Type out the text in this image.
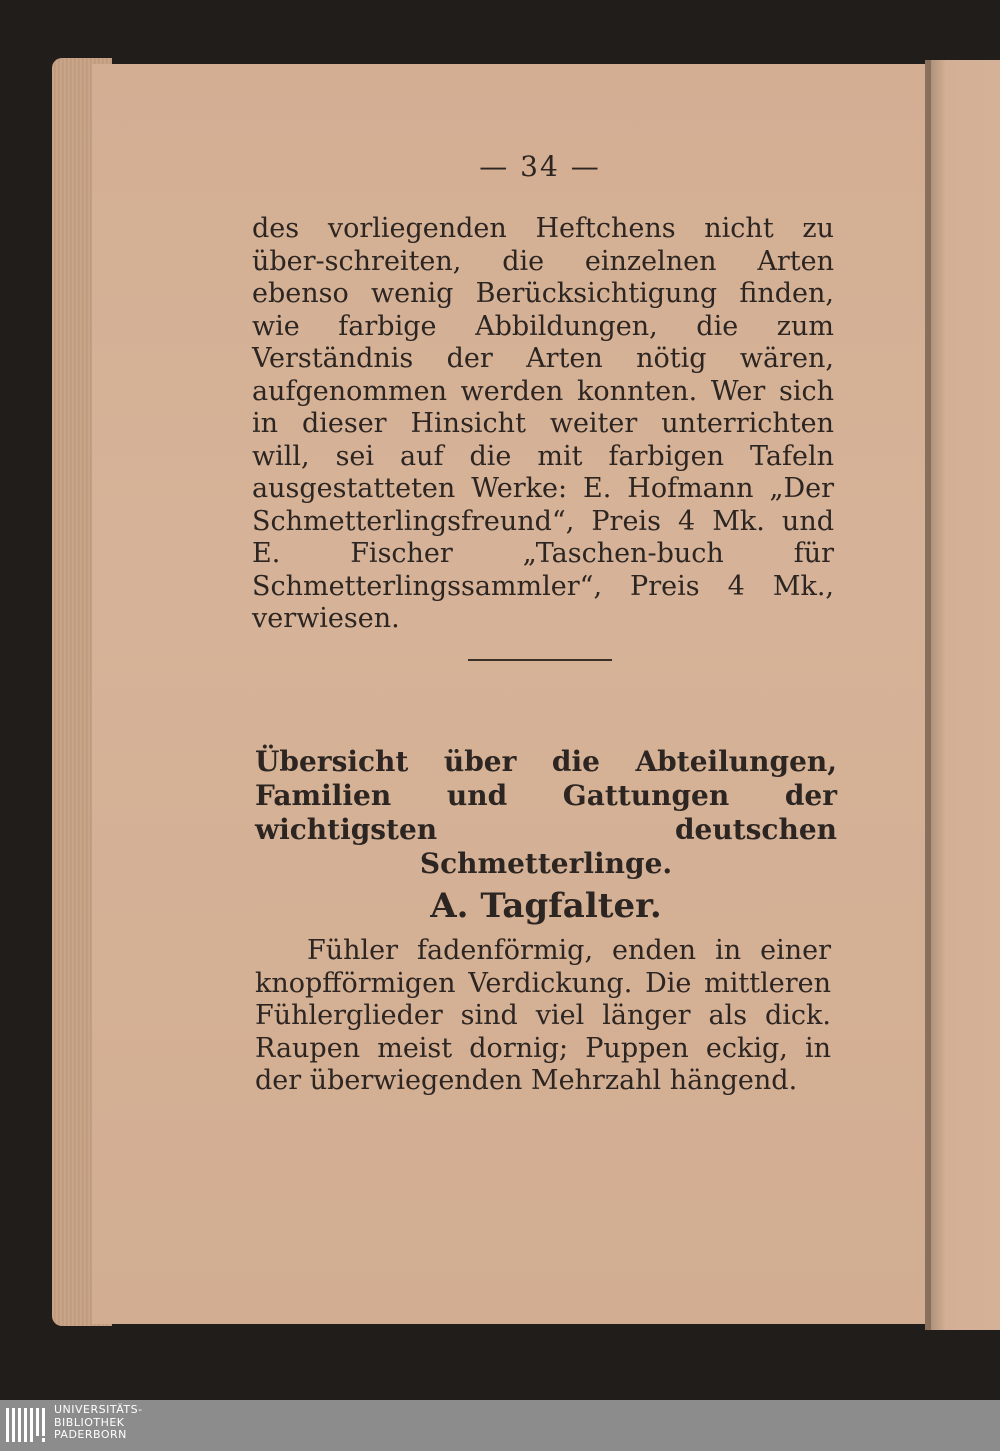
— 34 —

des vorliegenden Heftchens nicht zu über-schreiten, die einzelnen Arten ebenso wenig Berücksichtigung finden, wie farbige Abbildungen, die zum Verständnis der Arten nötig wären, aufgenommen werden konnten. Wer sich in dieser Hinsicht weiter unterrichten will, sei auf die mit farbigen Tafeln ausgestatteten Werke: E. Hofmann „Der Schmetterlingsfreund“, Preis 4 Mk. und E. Fischer „Taschen-buch für Schmetterlingssammler“, Preis 4 Mk., verwiesen.

Übersicht über die Abteilungen, Familien und Gattungen der wichtigsten deutschen Schmetterlinge.

A. Tagfalter.

Fühler fadenförmig, enden in einer knopfförmigen Verdickung. Die mittleren Fühlerglieder sind viel länger als dick. Raupen meist dornig; Puppen eckig, in der überwiegenden Mehrzahl hängend.

UNIVERSITÄTS-
BIBLIOTHEK
PADERBORN
